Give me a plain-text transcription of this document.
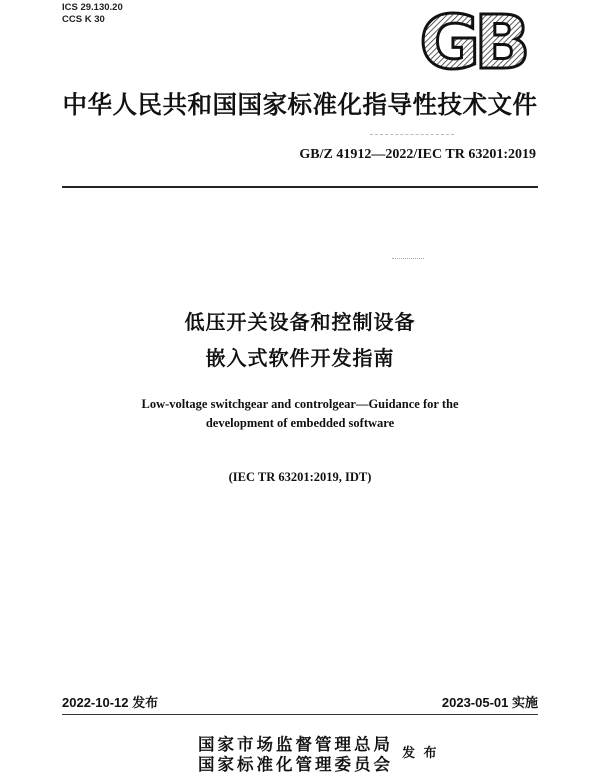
ICS 29.130.20
CCS K 30	GB
中华人民共和国国家标准化指导性技术文件
GB/Z 41912—2022/IEC TR 63201:2019
低压开关设备和控制设备
嵌入式软件开发指南
Low-voltage switchgear and controlgear—Guidance for the
development of embedded software
(IEC TR 63201:2019, IDT)
2022-10-12 发布	2023-05-01 实施
国家市场监督管理总局
国家标准化管理委员会
发 布
